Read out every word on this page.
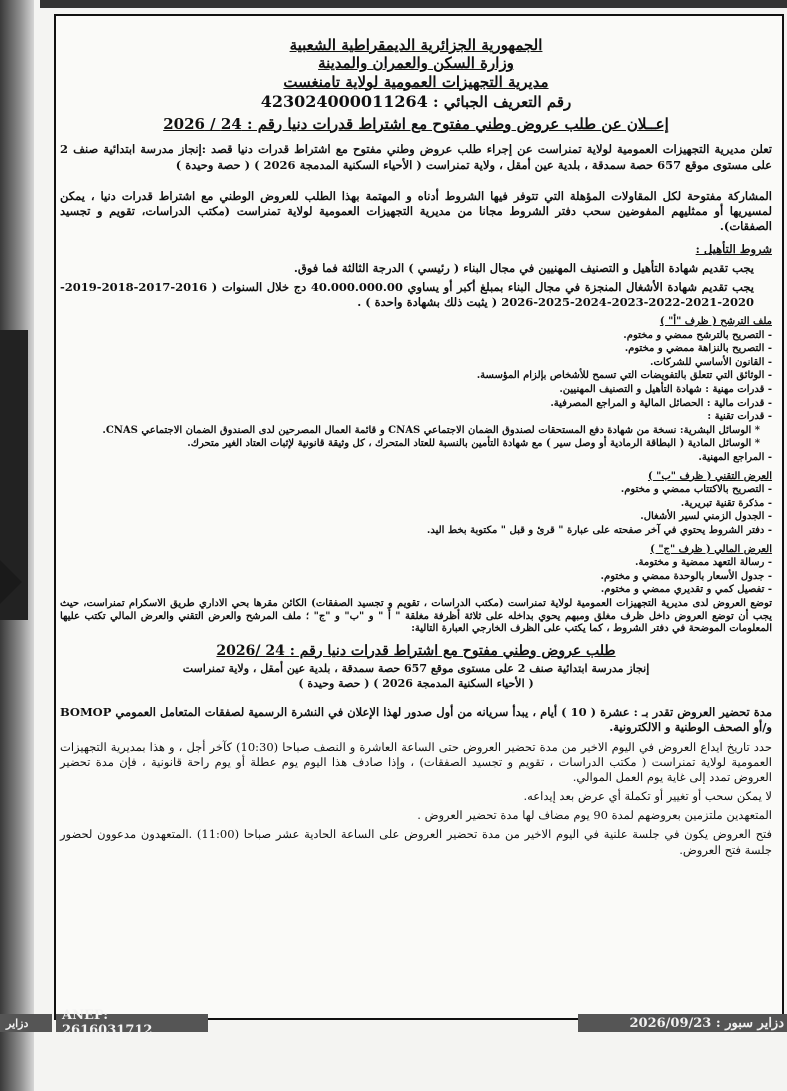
الجمهورية الجزائرية الديمقراطية الشعبية
وزارة السكن والعمران والمدينة
مديرية التجهيزات العمومية لولاية تامنغست
رقم التعريف الجبائي : 423024000011264
إعــلان عن طلب عروض وطني مفتوح مع اشتراط قدرات دنيا رقم : 24 / 2026

تعلن مديرية التجهيزات العمومية لولاية تمنراست عن إجراء طلب عروض وطني مفتوح مع اشتراط قدرات دنيا قصد :إنجاز مدرسة ابتدائية صنف 2 على مستوى موقع 657 حصة سمدقة ، بلدية عين أمقل ، ولاية تمنراست ( الأحياء السكنية المدمجة 2026 ) ( حصة وحيدة )

المشاركة مفتوحة لكل المقاولات المؤهلة التي تتوفر فيها الشروط أدناه و المهتمة بهذا الطلب للعروض الوطني مع اشتراط قدرات دنيا ، يمكن لمسيريها أو ممثليهم المفوضين سحب دفتر الشروط مجانا من مديرية التجهيزات العمومية لولاية تمنراست (مكتب الدراسات، تقويم و تجسيد الصفقات).

شروط التأهيل :

يجب تقديم شهادة التأهيل و التصنيف المهنيين في مجال البناء ( رئيسي ) الدرجة الثالثة فما فوق.

يجب تقديم شهادة الأشغال المنجزة في مجال البناء بمبلغ أكبر أو يساوي 40.000.000.00 دج خلال السنوات ( 2016-2017-2018-2019-2020-2021-2022-2023-2024-2025-2026 ( يثبت ذلك بشهادة واحدة ) .

ملف الترشح ( ظرف "أ" )

- التصريح بالترشح ممضي و مختوم.

- التصريح بالنزاهة ممضي و مختوم.

- القانون الأساسي للشركات.

- الوثائق التي تتعلق بالتفويضات التي تسمح للأشخاص بإلزام المؤسسة.

- قدرات مهنية : شهادة التأهيل و التصنيف المهنيين.

- قدرات مالية : الحصائل المالية و المراجع المصرفية.

- قدرات تقنية :

* الوسائل البشرية: نسخة من شهادة دفع المستحقات لصندوق الضمان الاجتماعي CNAS و قائمة العمال المصرحين لدى الصندوق الضمان الاجتماعي CNAS.

* الوسائل المادية ( البطاقة الرمادية أو وصل سير ) مع شهادة التأمين بالنسبة للعتاد المتحرك ، كل وثيقة قانونية لإثبات العتاد الغير متحرك.

- المراجع المهنية.

العرض التقني ( ظرف "ب" )

- التصريح بالاكتتاب ممضي و مختوم.

- مذكرة تقنية تبريرية.

- الجدول الزمني لسير الأشغال.

- دفتر الشروط يحتوي في آخر صفحته على عبارة " قرئ و قبل " مكتوبة بخط اليد.

العرض المالي ( ظرف "ج" )

- رسالة التعهد ممضية و مختومة.

- جدول الأسعار بالوحدة ممضي و مختوم.

- تفصيل كمي و تقديري ممضي و مختوم.

توضع العروض لدى مديرية التجهيزات العمومية لولاية تمنراست (مكتب الدراسات ، تقويم و تجسيد الصفقات) الكائن مقرها بحي الاداري طريق الاسكرام تمنراست، حيث يجب أن توضع العروض داخل ظرف مغلق ومبهم يحوي بداخله على ثلاثة أظرفة مغلقة " أ " و "ب" و "ج" ؛ ملف المرشح والعرض التقني والعرض المالي تكتب عليها المعلومات الموضحة في دفتر الشروط ، كما يكتب على الظرف الخارجي العبارة التالية:

طلب عروض وطني مفتوح مع اشتراط قدرات دنيا رقم : 24 /2026
إنجاز مدرسة ابتدائية صنف 2 على مستوى موقع 657 حصة سمدقة ، بلدية عين أمقل ، ولاية تمنراست
( الأحياء السكنية المدمجة 2026 ) ( حصة وحيدة )

مدة تحضير العروض تقدر بـ : عشرة ( 10 ) أيام ، يبدأ سريانه من أول صدور لهذا الإعلان في النشرة الرسمية لصفقات المتعامل العمومي BOMOP و/أو الصحف الوطنية و الالكترونية.

حدد تاريخ ايداع العروض في اليوم الاخير من مدة تحضير العروض حتى الساعة العاشرة و النصف صباحا (10:30) كآخر أجل ، و هذا بمديرية التجهيزات العمومية لولاية تمنراست ( مكتب الدراسات ، تقويم و تجسيد الصفقات) ، وإذا صادف هذا اليوم يوم عطلة أو يوم راحة قانونية ، فإن مدة تحضير العروض تمدد إلى غاية يوم العمل الموالي.

لا يمكن سحب أو تغيير أو تكملة أي عرض بعد إيداعه.

المتعهدين ملتزمين بعروضهم لمدة 90 يوم مضاف لها مدة تحضير العروض .

فتح العروض يكون في جلسة علنية في اليوم الاخير من مدة تحضير العروض على الساعة الحادية عشر صباحا (11:00) .المتعهدون مدعوون لحضور جلسة فتح العروض.

دزاير	ANEP: 2616031712	دزاير سبور : 2026/09/23
